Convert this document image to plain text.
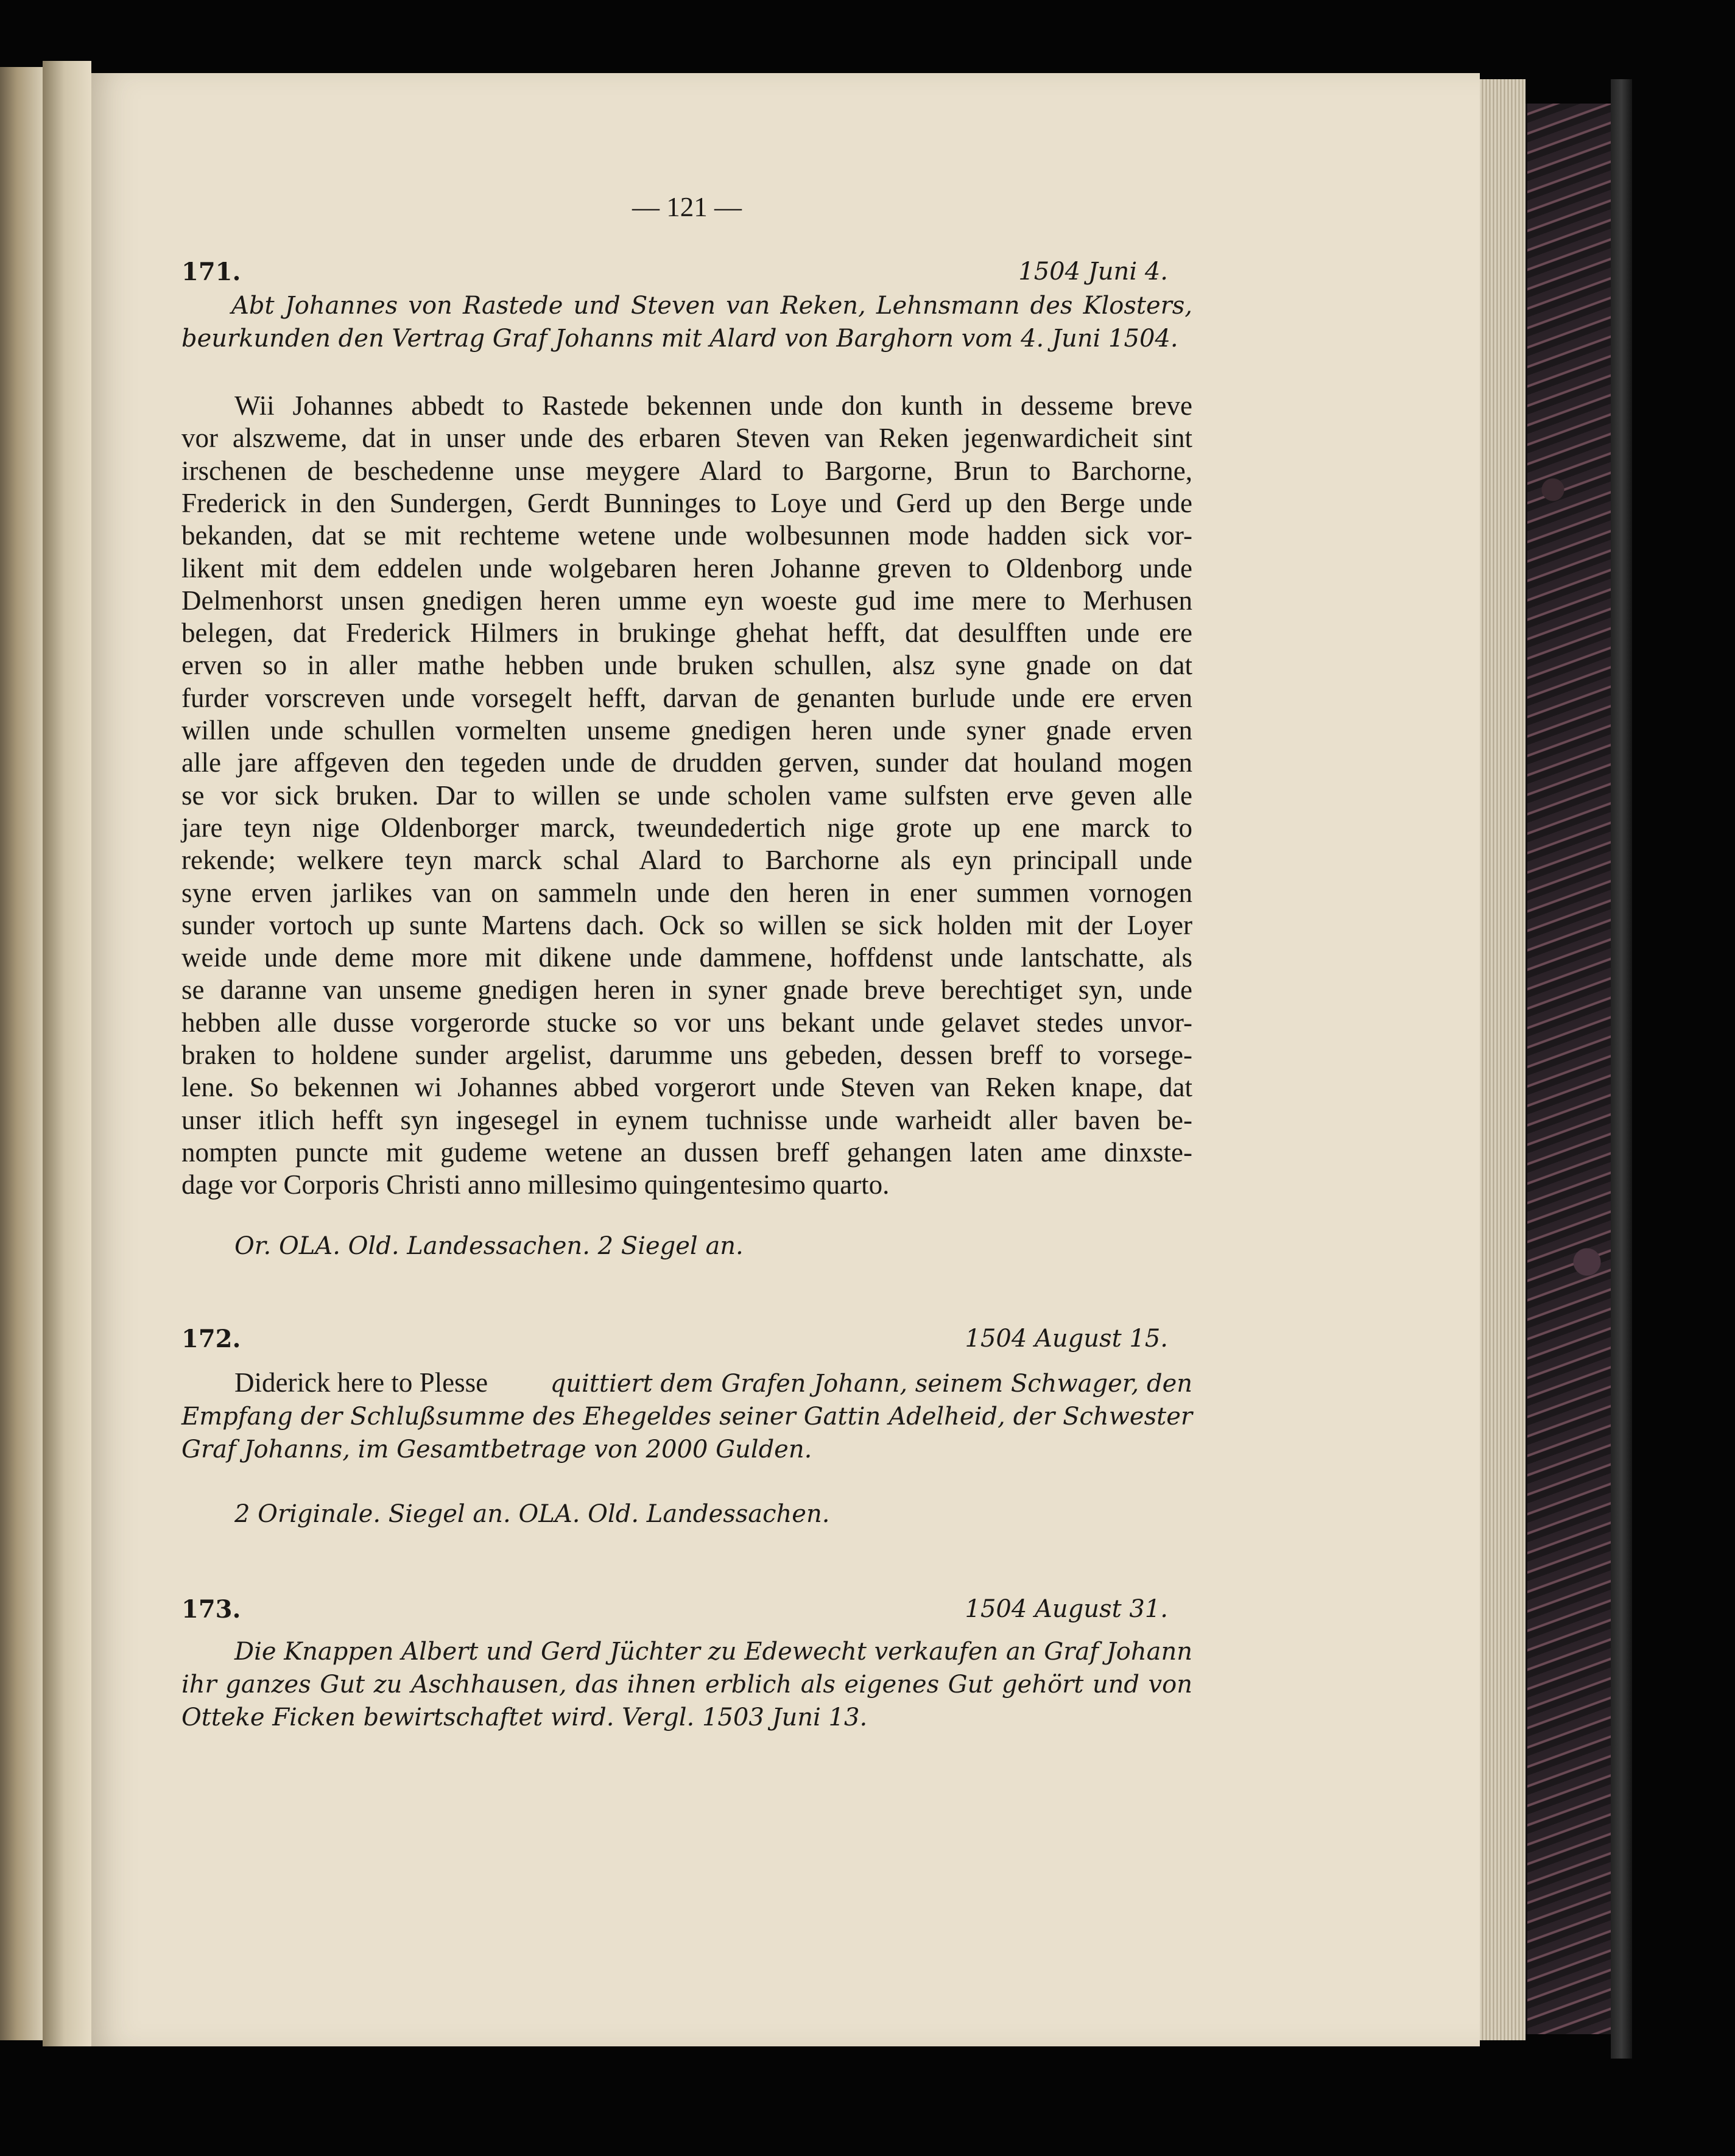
— 121 —

171.	1504 Juni 4.

Abt Johannes von Rastede und Steven van Reken, Lehnsmann des Klosters,

beurkunden den Vertrag Graf Johanns mit Alard von Barghorn vom 4. Juni 1504.

Wii Johannes abbedt to Rastede bekennen unde don kunth in desseme breve

vor alszweme, dat in unser unde des erbaren Steven van Reken jegenwardicheit sint

irschenen de beschedenne unse meygere Alard to Bargorne, Brun to Barchorne,

Frederick in den Sundergen, Gerdt Bunninges to Loye und Gerd up den Berge unde

bekanden, dat se mit rechteme wetene unde wolbesunnen mode hadden sick vor-

likent mit dem eddelen unde wolgebaren heren Johanne greven to Oldenborg unde

Delmenhorst unsen gnedigen heren umme eyn woeste gud ime mere to Merhusen

belegen, dat Frederick Hilmers in brukinge ghehat hefft, dat desulfften unde ere

erven so in aller mathe hebben unde bruken schullen, alsz syne gnade on dat

furder vorscreven unde vorsegelt hefft, darvan de genanten burlude unde ere erven

willen unde schullen vormelten unseme gnedigen heren unde syner gnade erven

alle jare affgeven den tegeden unde de drudden gerven, sunder dat houland mogen

se vor sick bruken. Dar to willen se unde scholen vame sulfsten erve geven alle

jare teyn nige Oldenborger marck, tweundedertich nige grote up ene marck to

rekende; welkere teyn marck schal Alard to Barchorne als eyn principall unde

syne erven jarlikes van on sammeln unde den heren in ener summen vornogen

sunder vortoch up sunte Martens dach. Ock so willen se sick holden mit der Loyer

weide unde deme more mit dikene unde dammene, hoffdenst unde lantschatte, als

se daranne van unseme gnedigen heren in syner gnade breve berechtiget syn, unde

hebben alle dusse vorgerorde stucke so vor uns bekant unde gelavet stedes unvor-

braken to holdene sunder argelist, darumme uns gebeden, dessen breff to vorsege-

lene. So bekennen wi Johannes abbed vorgerort unde Steven van Reken knape, dat

unser itlich hefft syn ingesegel in eynem tuchnisse unde warheidt aller baven be-

nompten puncte mit gudeme wetene an dussen breff gehangen laten ame dinxste-

dage vor Corporis Christi anno millesimo quingentesimo quarto.

Or. OLA. Old. Landessachen. 2 Siegel an.

172.	1504 August 15.

Diderick here to Plesse	quittiert dem Grafen Johann, seinem Schwager, den

Empfang der Schlußsumme des Ehegeldes seiner Gattin Adelheid, der Schwester

Graf Johanns, im Gesamtbetrage von 2000 Gulden.

2 Originale. Siegel an. OLA. Old. Landessachen.

173.	1504 August 31.

Die Knappen Albert und Gerd Jüchter zu Edewecht verkaufen an Graf Johann

ihr ganzes Gut zu Aschhausen, das ihnen erblich als eigenes Gut gehört und von

Otteke Ficken bewirtschaftet wird. Vergl. 1503 Juni 13.
